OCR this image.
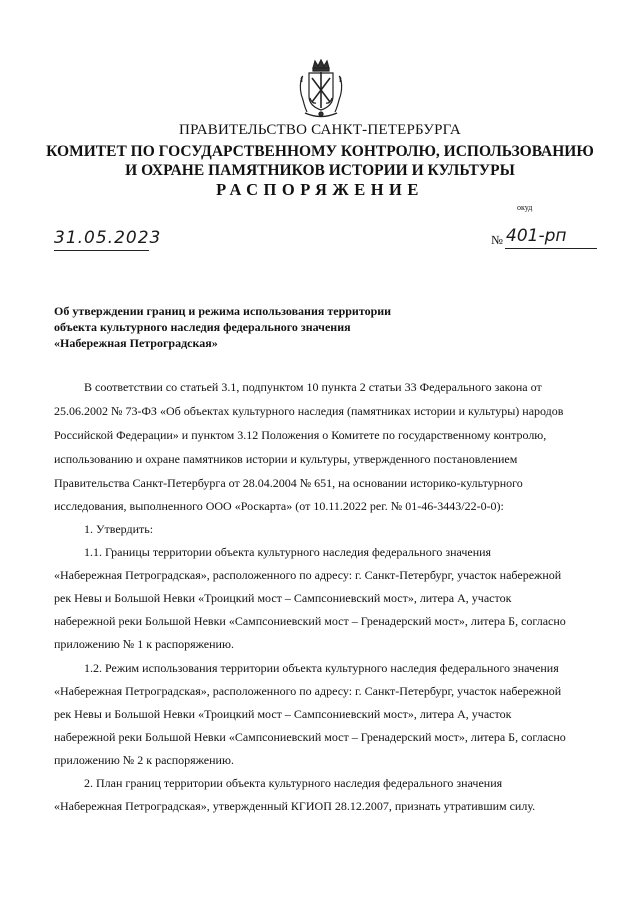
ПРАВИТЕЛЬСТВО САНКТ-ПЕТЕРБУРГА
КОМИТЕТ ПО ГОСУДАРСТВЕННОМУ КОНТРОЛЮ, ИСПОЛЬЗОВАНИЮ
И ОХРАНЕ ПАМЯТНИКОВ ИСТОРИИ И КУЛЬТУРЫ
РАСПОРЯЖЕНИЕ
окуд
31.05.2023	№ 401-рп
Об утверждении границ и режима использования территории
объекта культурного наследия федерального значения
«Набережная Петроградская»
В соответствии со статьей 3.1, подпунктом 10 пункта 2 статьи 33 Федерального закона от
25.06.2002 № 73-ФЗ «Об объектах культурного наследия (памятниках истории и культуры) народов
Российской Федерации» и пунктом 3.12 Положения о Комитете по государственному контролю,
использованию и охране памятников истории и культуры, утвержденного постановлением
Правительства Санкт-Петербурга от 28.04.2004 № 651, на основании историко-культурного
исследования, выполненного ООО «Роскарта» (от 10.11.2022 рег. № 01-46-3443/22-0-0):
1. Утвердить:
1.1. Границы территории объекта культурного наследия федерального значения
«Набережная Петроградская», расположенного по адресу: г. Санкт-Петербург, участок набережной
рек Невы и Большой Невки «Троицкий мост – Сампсониевский мост», литера А, участок
набережной реки Большой Невки «Сампсониевский мост – Гренадерский мост», литера Б, согласно
приложению № 1 к распоряжению.
1.2. Режим использования территории объекта культурного наследия федерального значения
«Набережная Петроградская», расположенного по адресу: г. Санкт-Петербург, участок набережной
рек Невы и Большой Невки «Троицкий мост – Сампсониевский мост», литера А, участок
набережной реки Большой Невки «Сампсониевский мост – Гренадерский мост», литера Б, согласно
приложению № 2 к распоряжению.
2. План границ территории объекта культурного наследия федерального значения
«Набережная Петроградская», утвержденный КГИОП 28.12.2007, признать утратившим силу.
